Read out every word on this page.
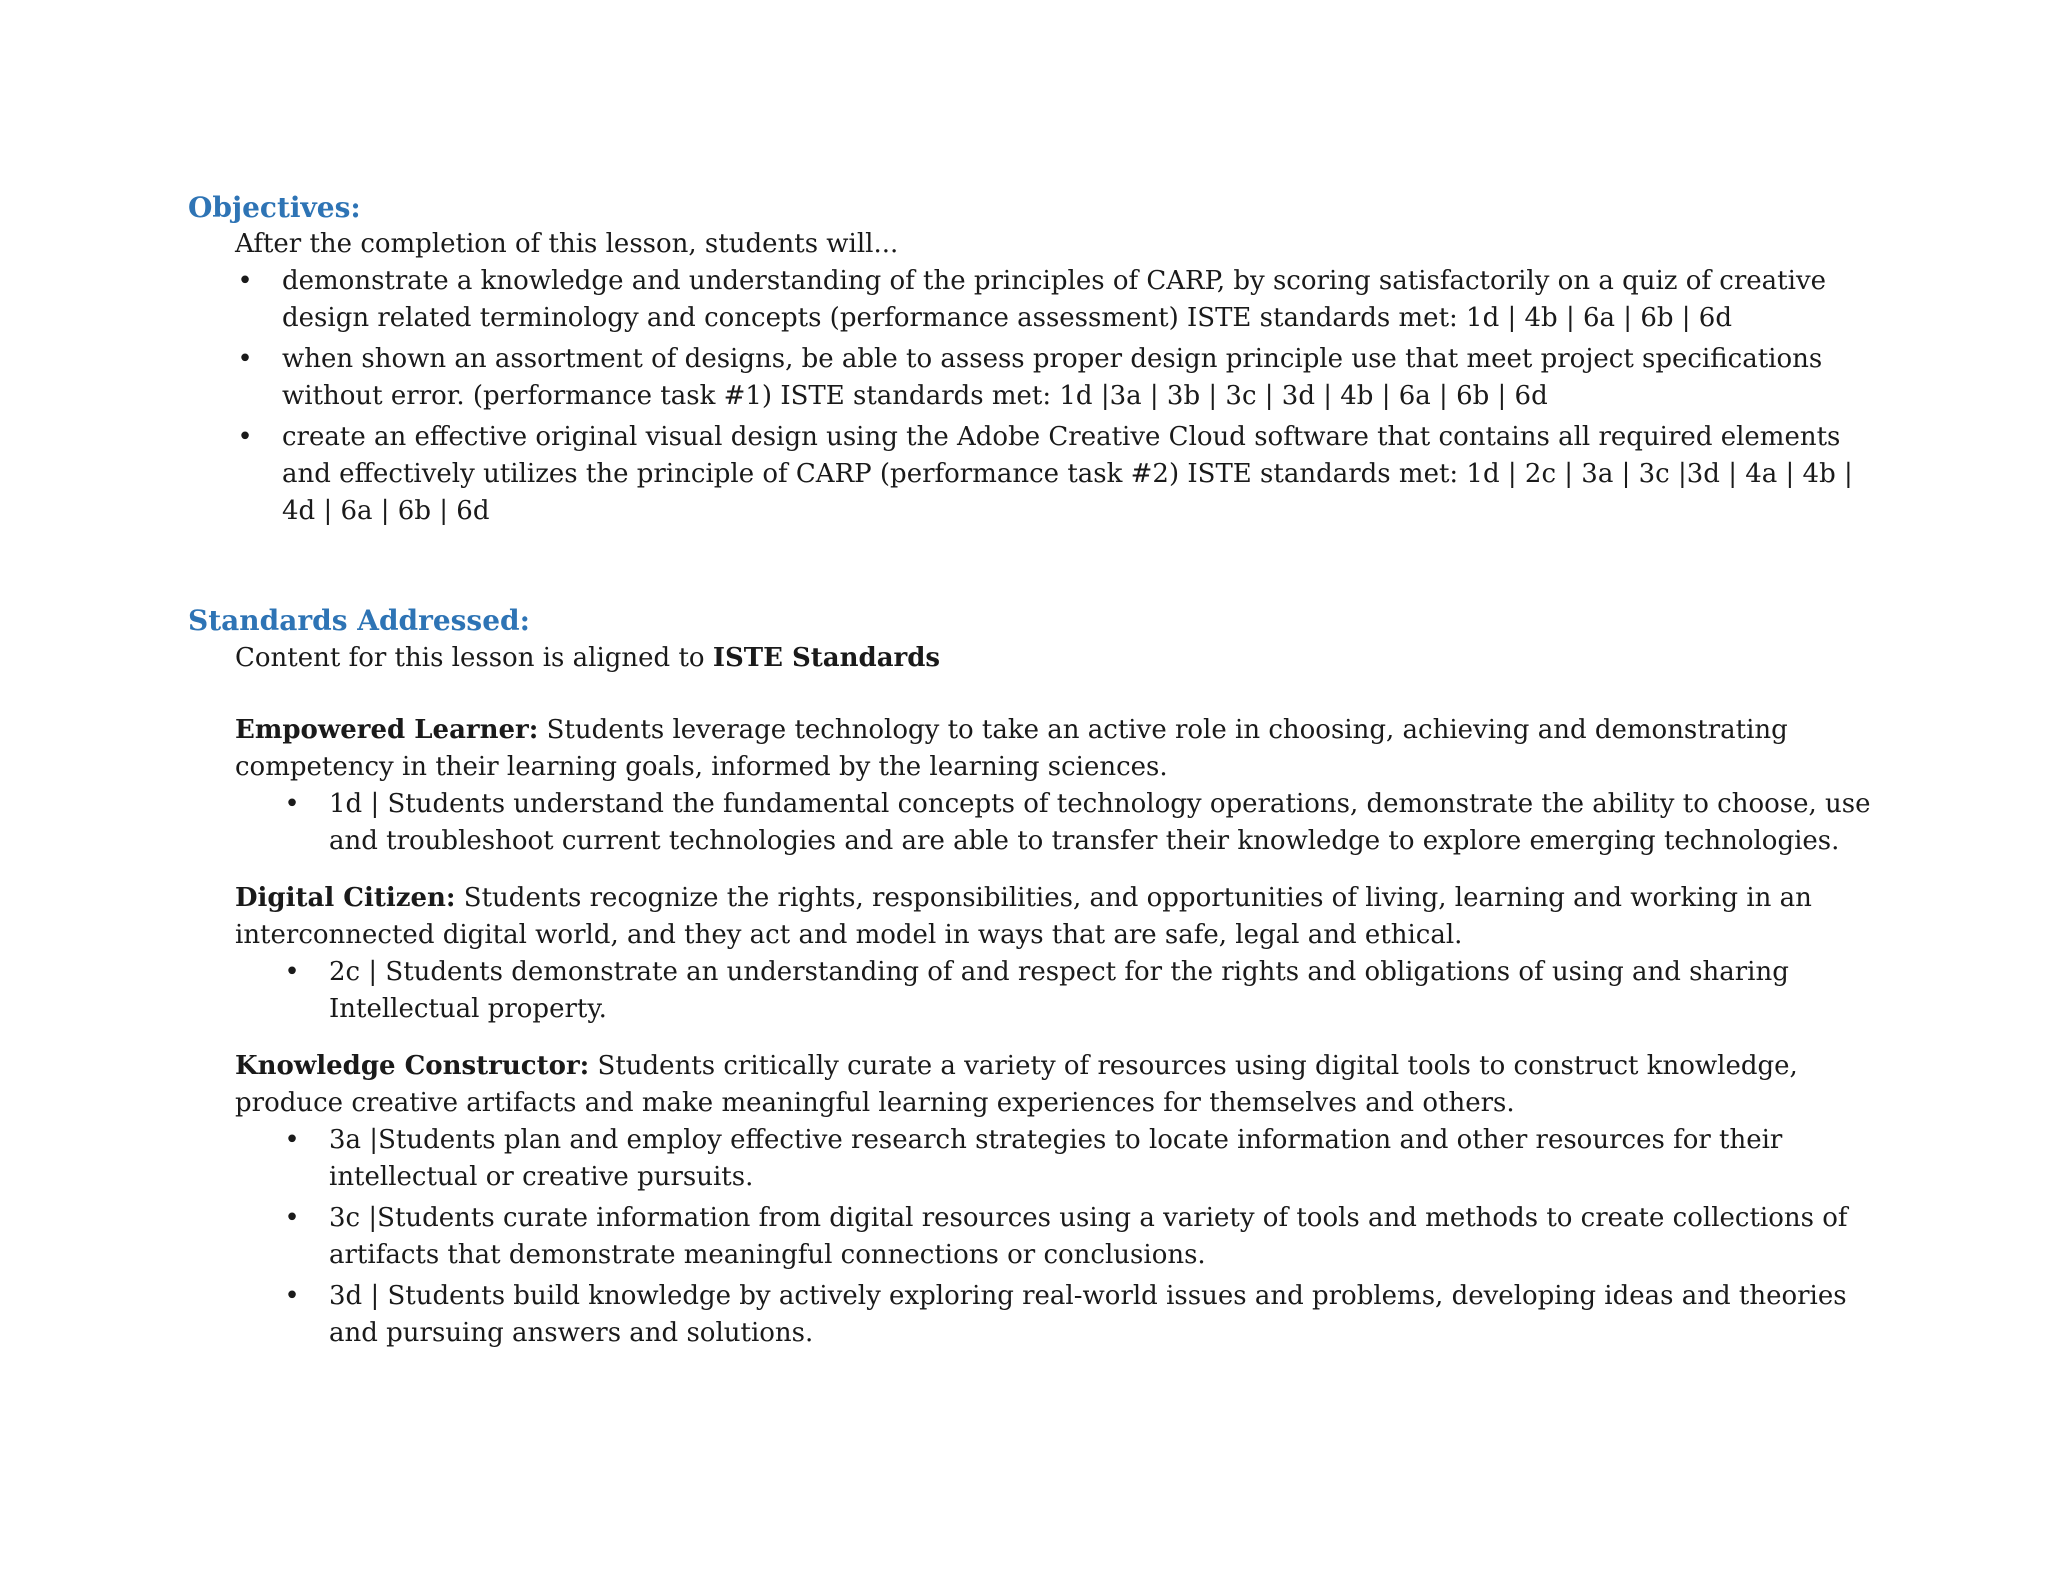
Objectives:
After the completion of this lesson, students will...
• demonstrate a knowledge and understanding of the principles of CARP, by scoring satisfactorily on a quiz of creative
design related terminology and concepts (performance assessment) ISTE standards met: 1d | 4b | 6a | 6b | 6d
• when shown an assortment of designs, be able to assess proper design principle use that meet project specifications
without error. (performance task #1) ISTE standards met: 1d |3a | 3b | 3c | 3d | 4b | 6a | 6b | 6d
• create an effective original visual design using the Adobe Creative Cloud software that contains all required elements
and effectively utilizes the principle of CARP (performance task #2) ISTE standards met: 1d | 2c | 3a | 3c |3d | 4a | 4b |
4d | 6a | 6b | 6d
Standards Addressed:
Content for this lesson is aligned to ISTE Standards
Empowered Learner: Students leverage technology to take an active role in choosing, achieving and demonstrating
competency in their learning goals, informed by the learning sciences.
• 1d | Students understand the fundamental concepts of technology operations, demonstrate the ability to choose, use
and troubleshoot current technologies and are able to transfer their knowledge to explore emerging technologies.
Digital Citizen: Students recognize the rights, responsibilities, and opportunities of living, learning and working in an
interconnected digital world, and they act and model in ways that are safe, legal and ethical.
• 2c | Students demonstrate an understanding of and respect for the rights and obligations of using and sharing
Intellectual property.
Knowledge Constructor: Students critically curate a variety of resources using digital tools to construct knowledge,
produce creative artifacts and make meaningful learning experiences for themselves and others.
• 3a |Students plan and employ effective research strategies to locate information and other resources for their
intellectual or creative pursuits.
• 3c |Students curate information from digital resources using a variety of tools and methods to create collections of
artifacts that demonstrate meaningful connections or conclusions.
• 3d | Students build knowledge by actively exploring real-world issues and problems, developing ideas and theories
and pursuing answers and solutions.
